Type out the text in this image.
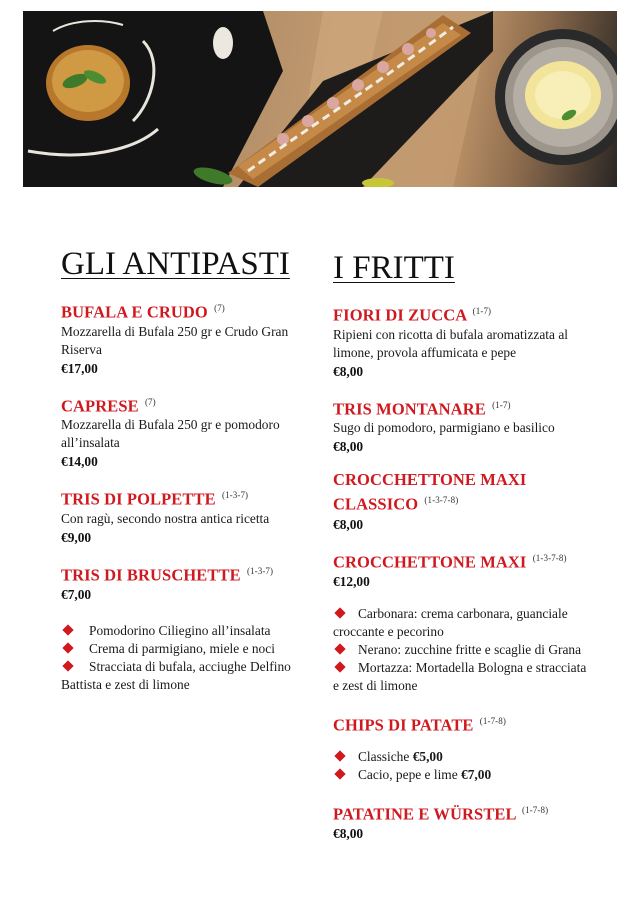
GLI ANTIPASTI
BUFALA E CRUDO $^{(7)}$
Mozzarella di Bufala 250 gr e Crudo Gran Riserva
€17,00
CAPRESE $^{(7)}$
Mozzarella di Bufala 250 gr e pomodoro all’insalata
€14,00
TRIS DI POLPETTE $^{(1-3-7)}$
Con ragù, secondo nostra antica ricetta
€9,00
TRIS DI BRUSCHETTE $^{(1-3-7)}$
€7,00
Pomodorino Ciliegino all’insalata
Crema di parmigiano, miele e noci
Stracciata di bufala, acciughe Delfino Battista e zest di limone
I FRITTI
FIORI DI ZUCCA $^{(1-7)}$
Ripieni con ricotta di bufala aromatizzata al limone, provola affumicata e pepe
€8,00
TRIS MONTANARE $^{(1-7)}$
Sugo di pomodoro, parmigiano e basilico
€8,00
CROCCHETTONE MAXI CLASSICO $^{(1-3-7-8)}$
€8,00
CROCCHETTONE MAXI $^{(1-3-7-8)}$
€12,00
Carbonara: crema carbonara, guanciale croccante e pecorino
Nerano: zucchine fritte e scaglie di Grana
Mortazza: Mortadella Bologna e stracciata e zest di limone
CHIPS DI PATATE $^{(1-7-8)}$
Classiche €5,00
Cacio, pepe e lime €7,00
PATATINE E WÜRSTEL $^{(1-7-8)}$
€8,00
